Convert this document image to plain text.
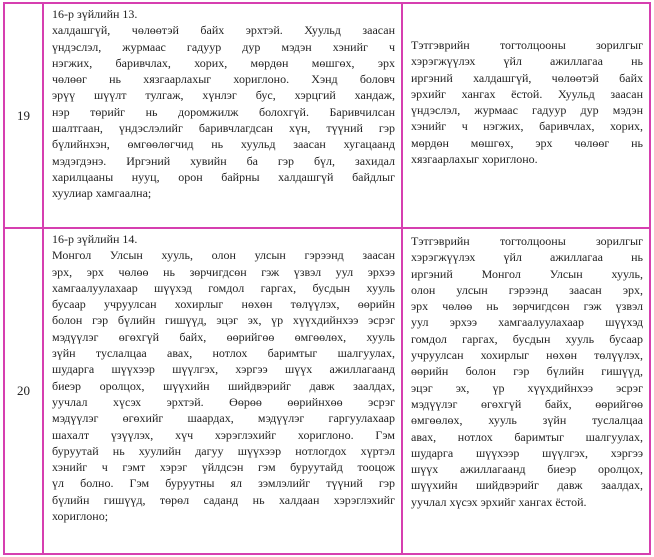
19
16-р зүйлийн 13.
халдашгүй, чөлөөтэй байх эрхтэй. Хуульд заасан
үндэслэл, журмаас гадуур дур мэдэн хэнийг ч
нэгжих, баривчлах, хорих, мөрдөн мөшгөх, эрх
чөлөөг нь хязгаарлахыг хориглоно. Хэнд боловч
эрүү шүүлт тулгаж, хүнлэг бус, хэрцгий хандаж,
нэр төрийг нь доромжилж болохгүй. Баривчилсан
шалтгаан, үндэслэлийг баривчлагдсан хүн, түүний гэр
бүлийнхэн, өмгөөлөгчид нь хуульд заасан хугацаанд
мэдэгдэнэ. Иргэний хувийн ба гэр бүл, захидал
харилцааны нууц, орон байрны халдашгүй байдлыг
хуулиар хамгаална;
Тэтгэврийн тогтолцооны зорилгыг
хэрэгжүүлэх үйл ажиллагаа нь
иргэний халдашгүй, чөлөөтэй байх
эрхийг хангах ёстой. Хуульд заасан
үндэслэл, журмаас гадуур дур мэдэн
хэнийг ч нэгжих, баривчлах, хорих,
мөрдөн мөшгөх, эрх чөлөөг нь
хязгаарлахыг хориглоно.
20
16-р зүйлийн 14.
Монгол Улсын хууль, олон улсын гэрээнд заасан
эрх, эрх чөлөө нь зөрчигдсөн гэж үзвэл уул эрхээ
хамгаалуулахаар шүүхэд гомдол гаргах, бусдын хууль
бусаар учруулсан хохирлыг нөхөн төлүүлэх, өөрийн
болон гэр бүлийн гишүүд, эцэг эх, үр хүүхдийнхээ эсрэг
мэдүүлэг өгөхгүй байх, өөрийгөө өмгөөлөх, хууль
зүйн туслалцаа авах, нотлох баримтыг шалгуулах,
шударга шүүхээр шүүлгэх, хэргээ шүүх ажиллагаанд
биеэр оролцох, шүүхийн шийдвэрийг давж заалдах,
уучлал хүсэх эрхтэй. Өөрөө өөрийнхөө эсрэг
мэдүүлэг өгөхийг шаардах, мэдүүлэг гаргуулахаар
шахалт үзүүлэх, хүч хэрэглэхийг хориглоно. Гэм
буруутай нь хуулийн дагуу шүүхээр нотлогдох хүртэл
хэнийг ч гэмт хэрэг үйлдсэн гэм буруутайд тооцож
үл болно. Гэм буруутны ял зэмлэлийг түүний гэр
бүлийн гишүүд, төрөл саданд нь халдаан хэрэглэхийг
хориглоно;
Тэтгэврийн тогтолцооны зорилгыг
хэрэгжүүлэх үйл ажиллагаа нь
иргэний Монгол Улсын хууль,
олон улсын гэрээнд заасан эрх,
эрх чөлөө нь зөрчигдсөн гэж үзвэл
уул эрхээ хамгаалуулахаар шүүхэд
гомдол гаргах, бусдын хууль бусаар
учруулсан хохирлыг нөхөн төлүүлэх,
өөрийн болон гэр бүлийн гишүүд,
эцэг эх, үр хүүхдийнхээ эсрэг
мэдүүлэг өгөхгүй байх, өөрийгөө
өмгөөлөх, хууль зүйн туслалцаа
авах, нотлох баримтыг шалгуулах,
шударга шүүхээр шүүлгэх, хэргээ
шүүх ажиллагаанд биеэр оролцох,
шүүхийн шийдвэрийг давж заалдах,
уучлал хүсэх эрхийг хангах ёстой.
